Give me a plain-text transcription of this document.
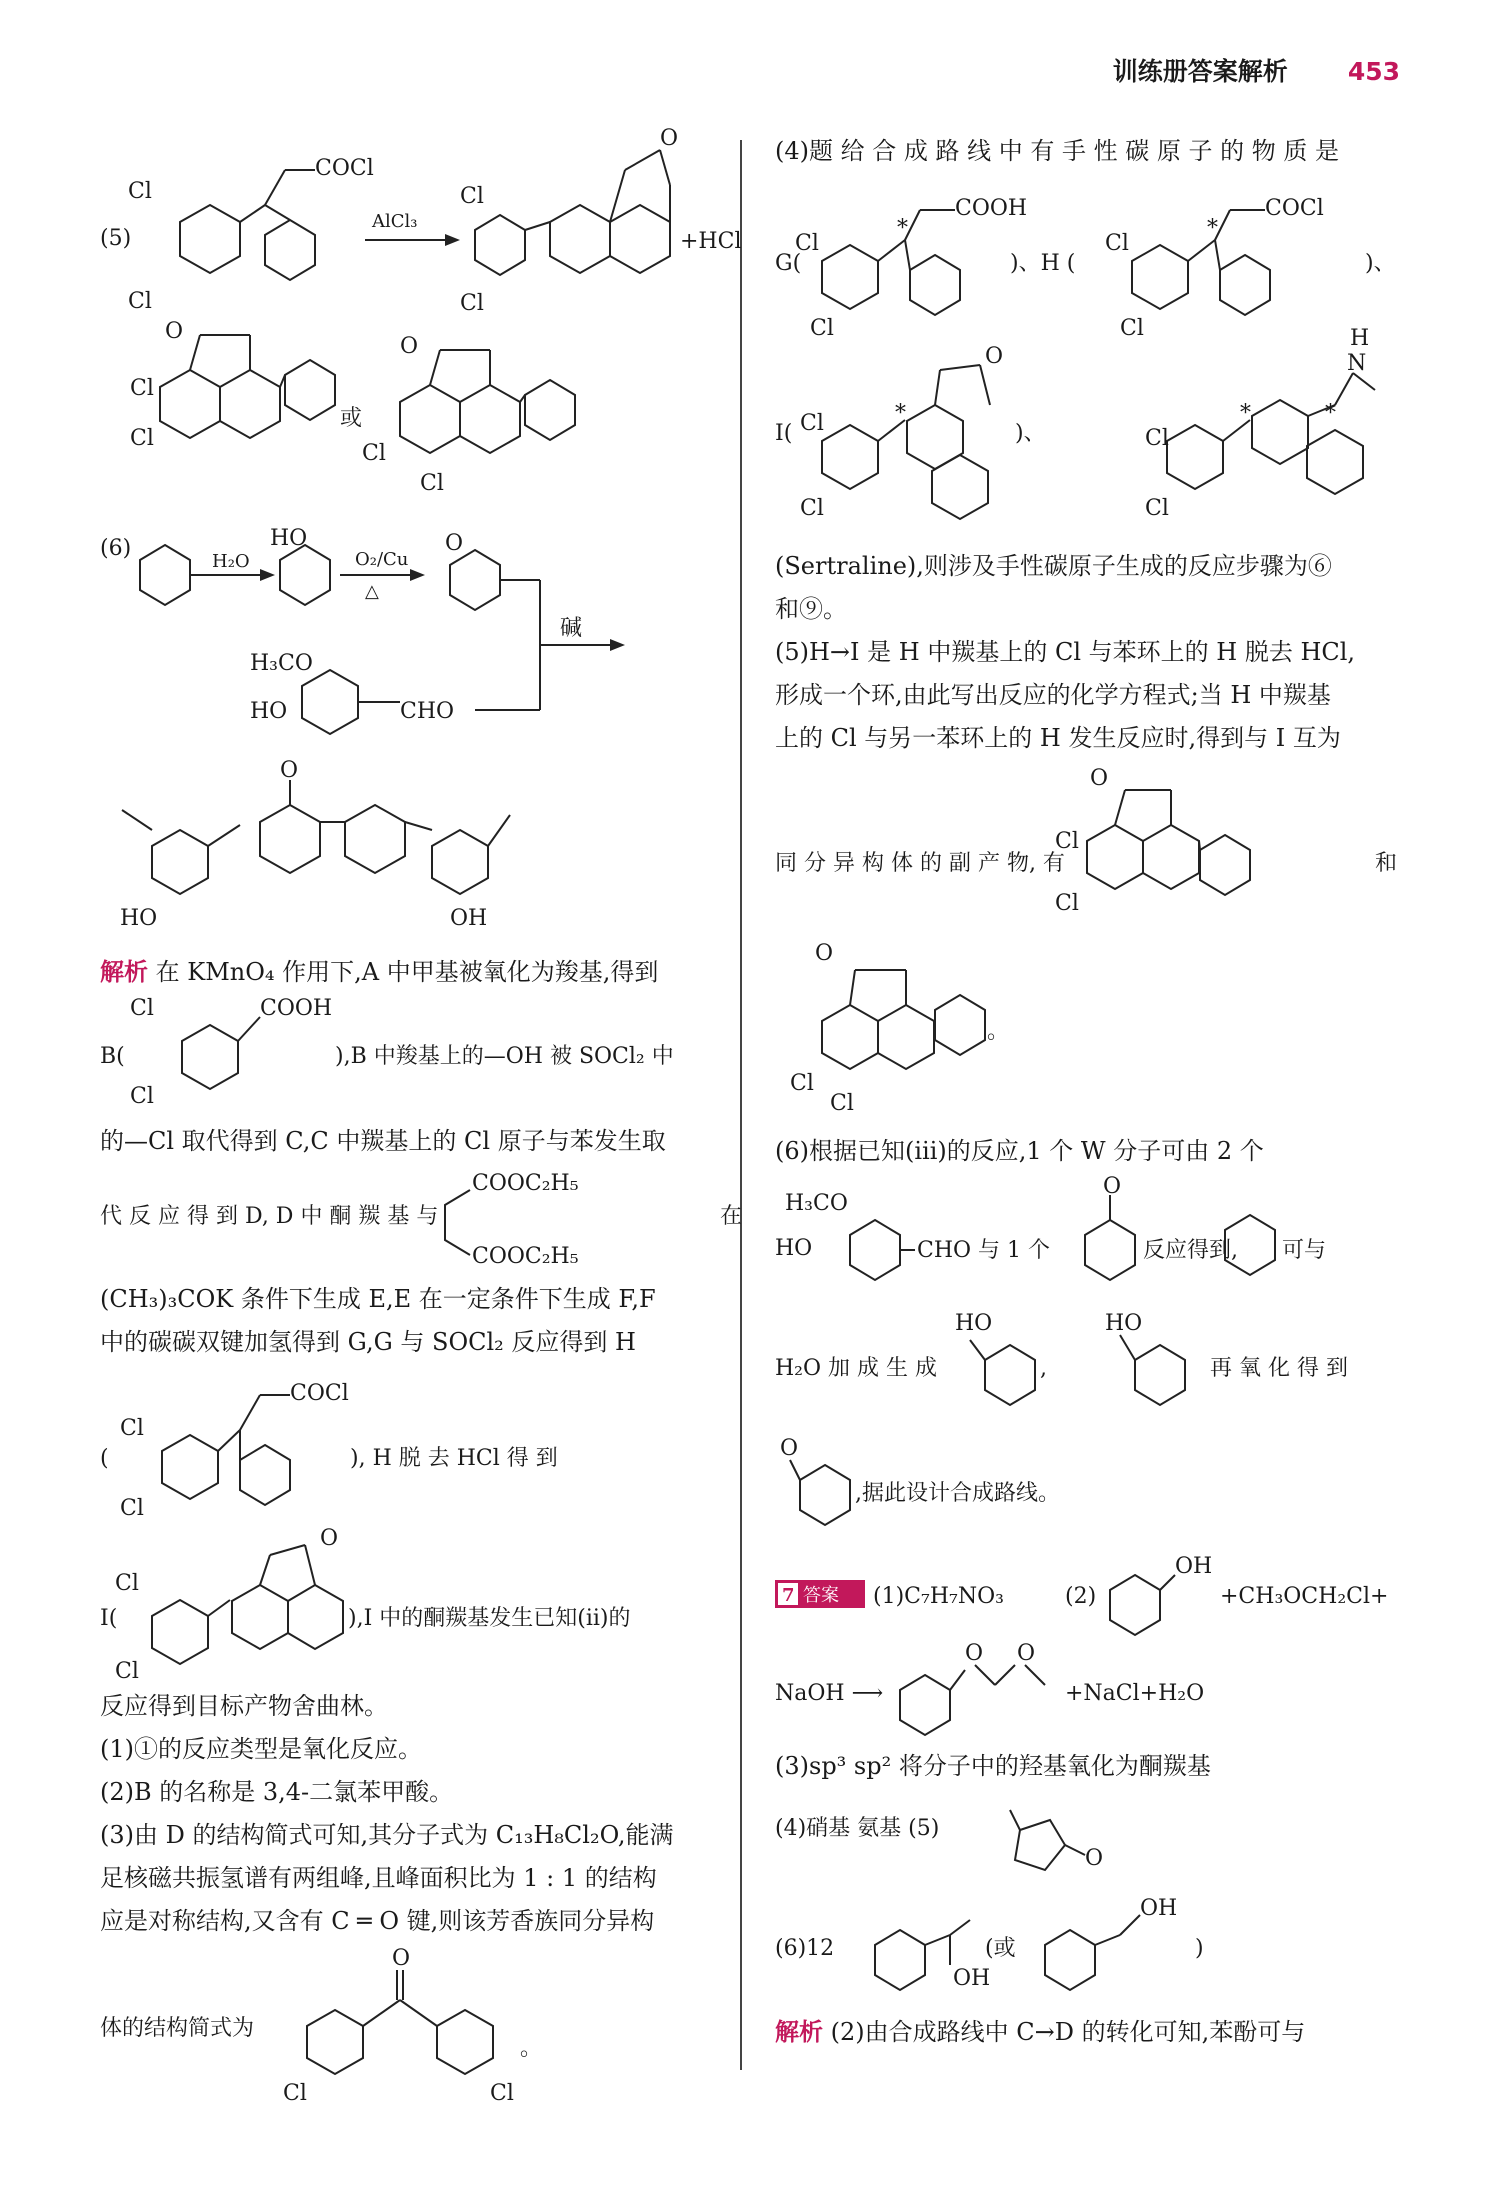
训练册答案解析 453
(5)
Cl
Cl
COCl
AlCl₃
Cl
Cl
O
+HCl
O
Cl
Cl
或
O
Cl
Cl
(6)
H₂O
HO
O₂/Cu
△
O
碱
H₃CO
HO	CHO
O
HO	OH
解析 在 KMnO₄ 作用下,A 中甲基被氧化为羧基,得到
B(
Cl
Cl
COOH
),B 中羧基上的—OH 被 SOCl₂ 中
的—Cl 取代得到 C,C 中羰基上的 Cl 原子与苯发生取
代 反 应 得 到 D, D 中 酮 羰 基 与
COOC₂H₅
COOC₂H₅
在
(CH₃)₃COK 条件下生成 E,E 在一定条件下生成 F,F
中的碳碳双键加氢得到 G,G 与 SOCl₂ 反应得到 H
(
Cl
Cl
COCl
), H 脱 去 HCl 得 到
I(
Cl
Cl
O
),I 中的酮羰基发生已知(ⅱ)的
反应得到目标产物舍曲林。
(1)①的反应类型是氧化反应。
(2)B 的名称是 3,4-二氯苯甲酸。
(3)由 D 的结构简式可知,其分子式为 C₁₃H₈Cl₂O,能满
足核磁共振氢谱有两组峰,且峰面积比为 1 : 1 的结构
应是对称结构,又含有 C ═ O 键,则该芳香族同分异构
体的结构简式为
O
Cl	Cl
。
(4)题 给 合 成 路 线 中 有 手 性 碳 原 子 的 物 质 是
G(
Cl
Cl
COOH
*
)、H (
Cl
Cl
COCl
*
)、
I( Cl
Cl
O
*
)、	Cl
Cl
*	*
H
N
(Sertraline),则涉及手性碳原子生成的反应步骤为⑥
和⑨。
(5)H→I 是 H 中羰基上的 Cl 与苯环上的 H 脱去 HCl,
形成一个环,由此写出反应的化学方程式;当 H 中羰基
上的 Cl 与另一苯环上的 H 发生反应时,得到与 I 互为
同 分 异 构 体 的 副 产 物, 有
O
Cl
Cl
和
O
Cl
Cl
。
(6)根据已知(ⅲ)的反应,1 个 W 分子可由 2 个
H₃CO
HO	CHO 与 1 个
O
反应得到, 可与
H₂O 加 成 生 成
HO
,
HO
再 氧 化 得 到
O
,据此设计合成路线。
7 答案 (1)C₇H₇NO₃	(2)
OH
+CH₃OCH₂Cl+
NaOH ⟶
O O
+NaCl+H₂O
(3)sp³ sp² 将分子中的羟基氧化为酮羰基
(4)硝基 氨基 (5)
O
(6)12
OH
(或
OH
)
解析 (2)由合成路线中 C→D 的转化可知,苯酚可与
